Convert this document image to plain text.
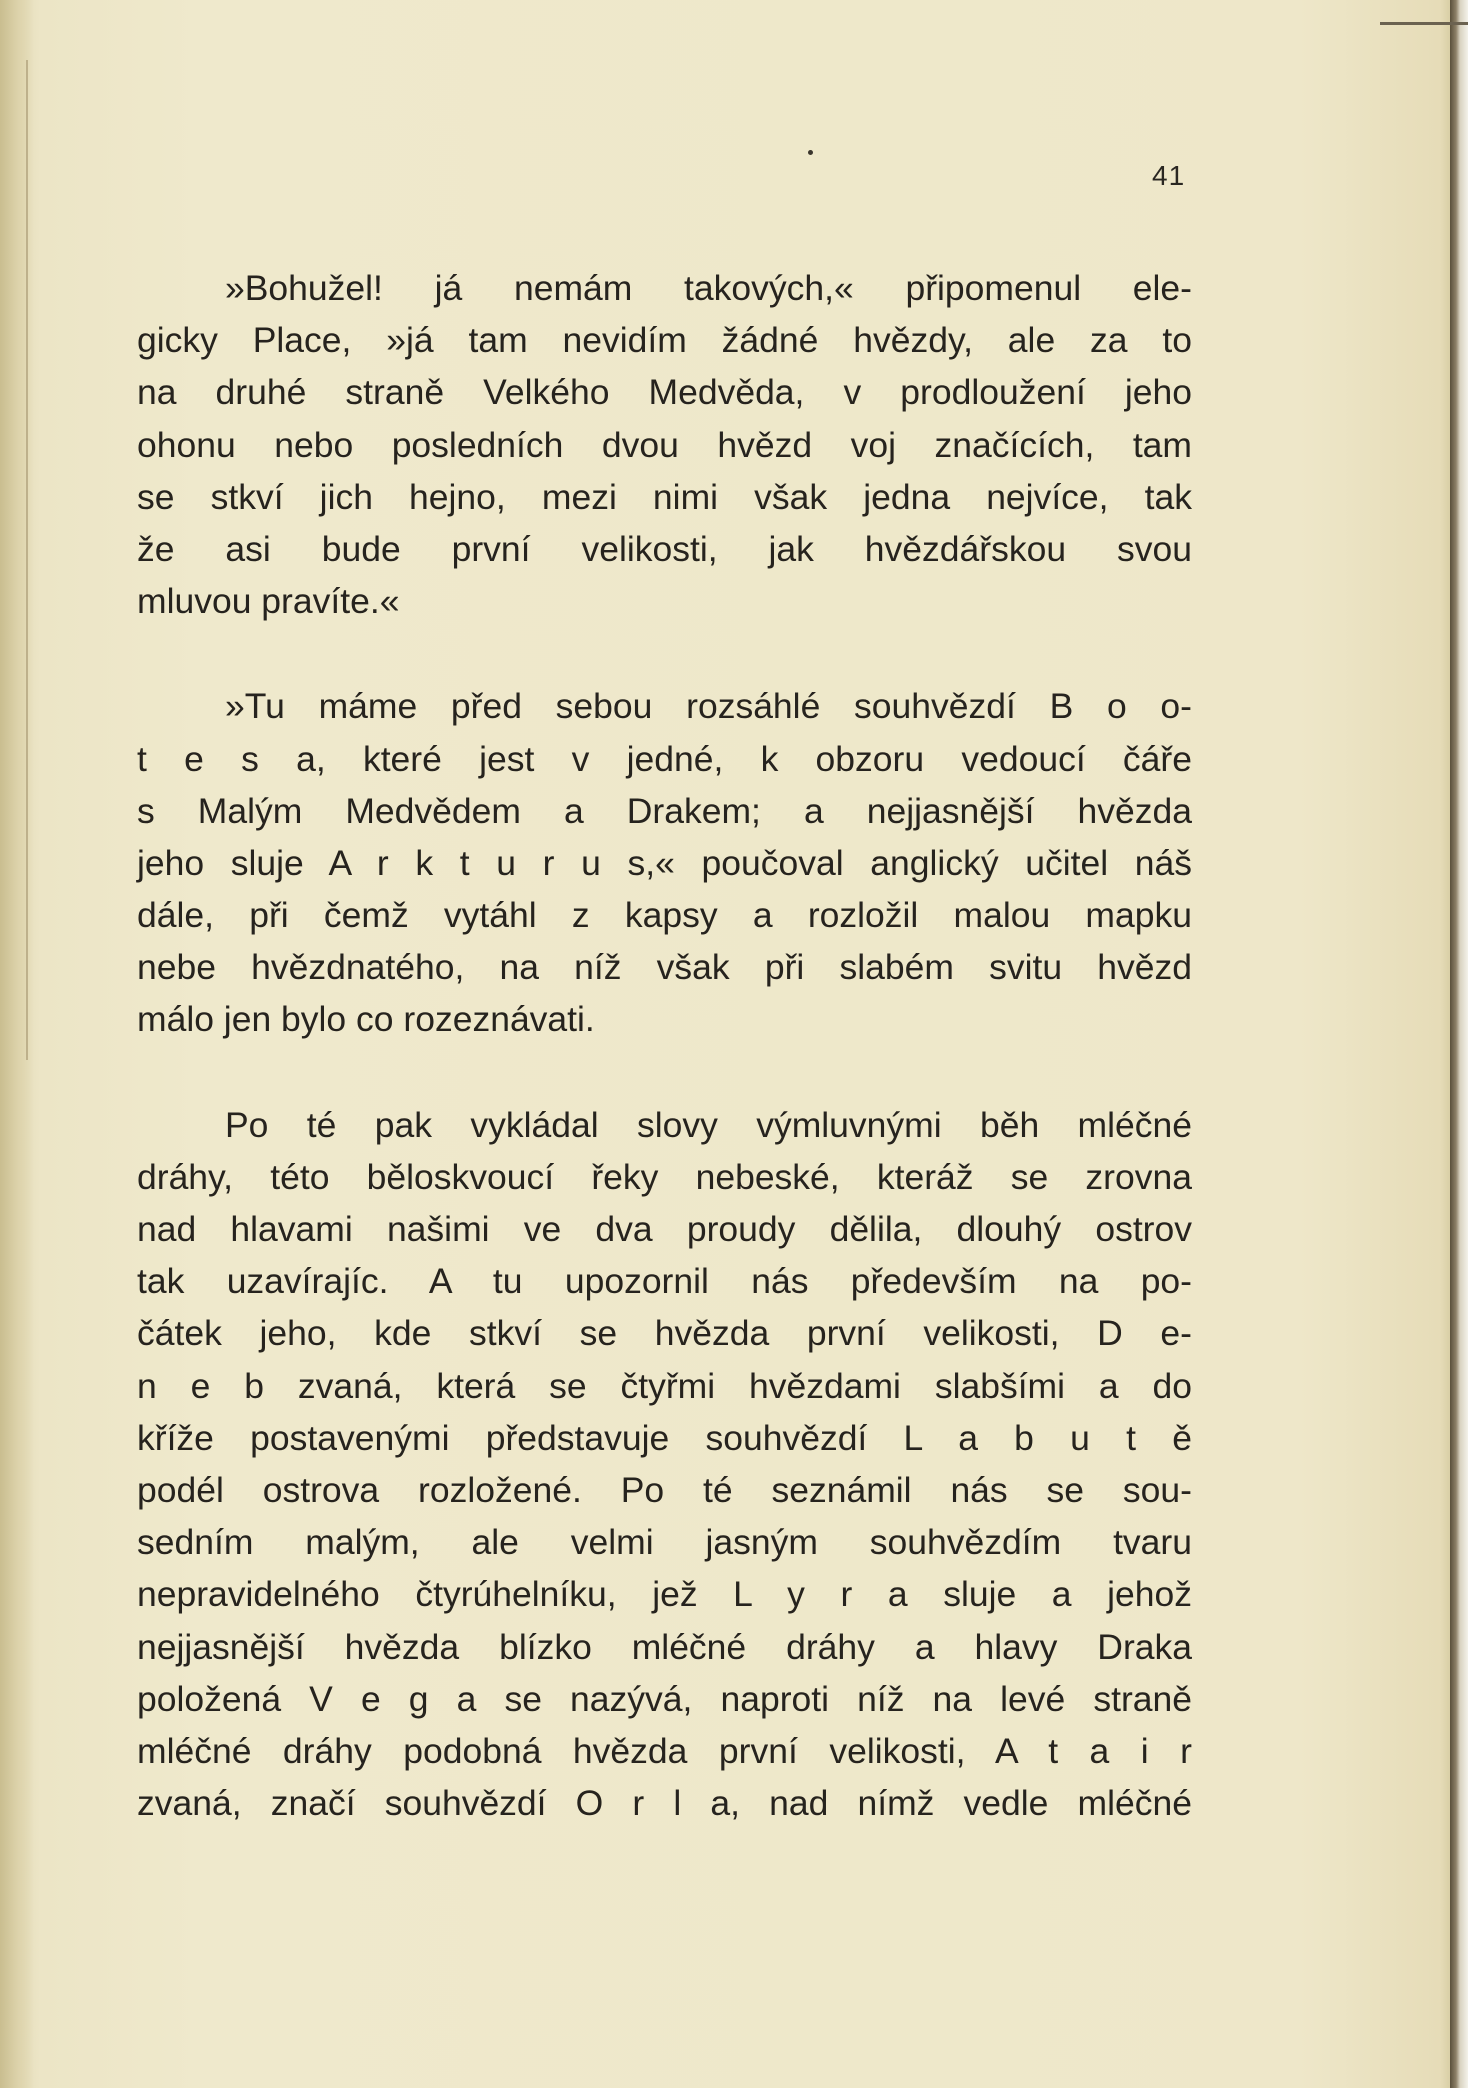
41
»Bohužel! já nemám takových,« připomenul ele-
gicky Place, »já tam nevidím žádné hvězdy, ale za to
na druhé straně Velkého Medvěda, v prodloužení jeho
ohonu nebo posledních dvou hvězd voj značících, tam
se stkví jich hejno, mezi nimi však jedna nejvíce, tak
že asi bude první velikosti, jak hvězdářskou svou
mluvou pravíte.«
»Tu máme před sebou rozsáhlé souhvězdí B o o-
t e s a, které jest v jedné, k obzoru vedoucí čáře
s Malým Medvědem a Drakem; a nejjasnější hvězda
jeho sluje A r k t u r u s,« poučoval anglický učitel náš
dále, při čemž vytáhl z kapsy a rozložil malou mapku
nebe hvězdnatého, na níž však při slabém svitu hvězd
málo jen bylo co rozeznávati.
Po té pak vykládal slovy výmluvnými běh mléčné
dráhy, této běloskvoucí řeky nebeské, kteráž se zrovna
nad hlavami našimi ve dva proudy dělila, dlouhý ostrov
tak uzavírajíc. A tu upozornil nás především na po-
čátek jeho, kde stkví se hvězda první velikosti, D e-
n e b zvaná, která se čtyřmi hvězdami slabšími a do
kříže postavenými představuje souhvězdí L a b u t ě
podél ostrova rozložené. Po té seznámil nás se sou-
sedním malým, ale velmi jasným souhvězdím tvaru
nepravidelného čtyrúhelníku, jež L y r a sluje a jehož
nejjasnější hvězda blízko mléčné dráhy a hlavy Draka
položená V e g a se nazývá, naproti níž na levé straně
mléčné dráhy podobná hvězda první velikosti, A t a i r
zvaná, značí souhvězdí O r l a, nad nímž vedle mléčné
